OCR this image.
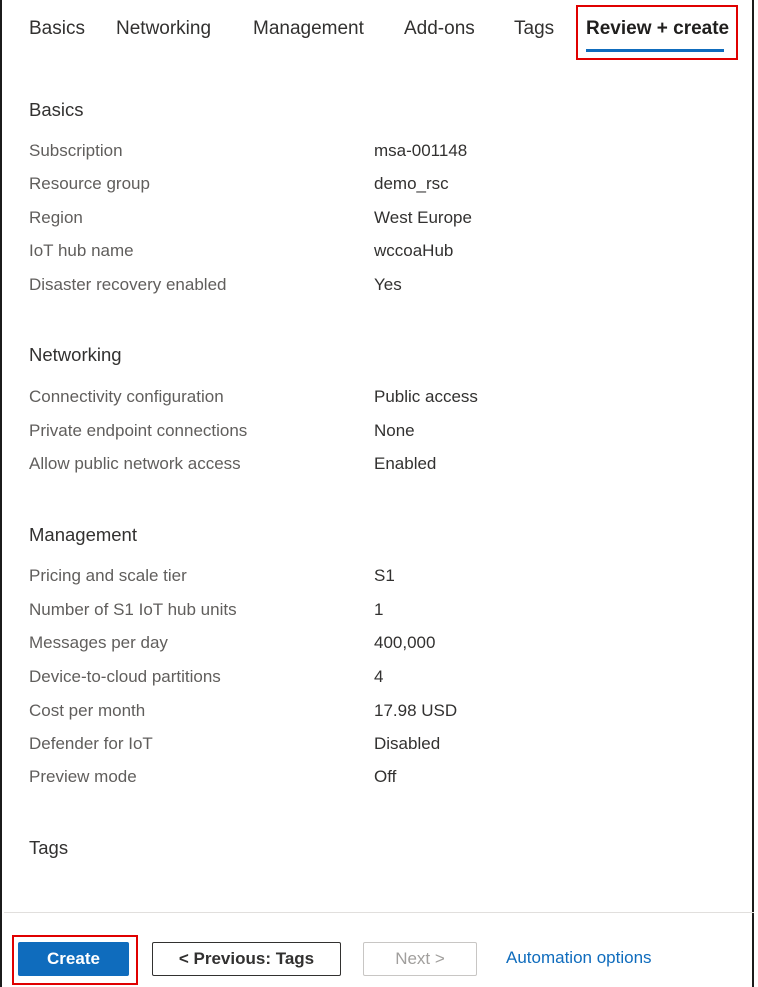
Basics Networking Management Add-ons Tags Review + create
Basics
Subscription	msa-001148
Resource group	demo_rsc
Region	West Europe
IoT hub name	wccoaHub
Disaster recovery enabled	Yes
Networking
Connectivity configuration	Public access
Private endpoint connections	None
Allow public network access	Enabled
Management
Pricing and scale tier	S1
Number of S1 IoT hub units	1
Messages per day	400,000
Device-to-cloud partitions	4
Cost per month	17.98 USD
Defender for IoT	Disabled
Preview mode	Off
Tags
Create	< Previous: Tags	Next >	Automation options
